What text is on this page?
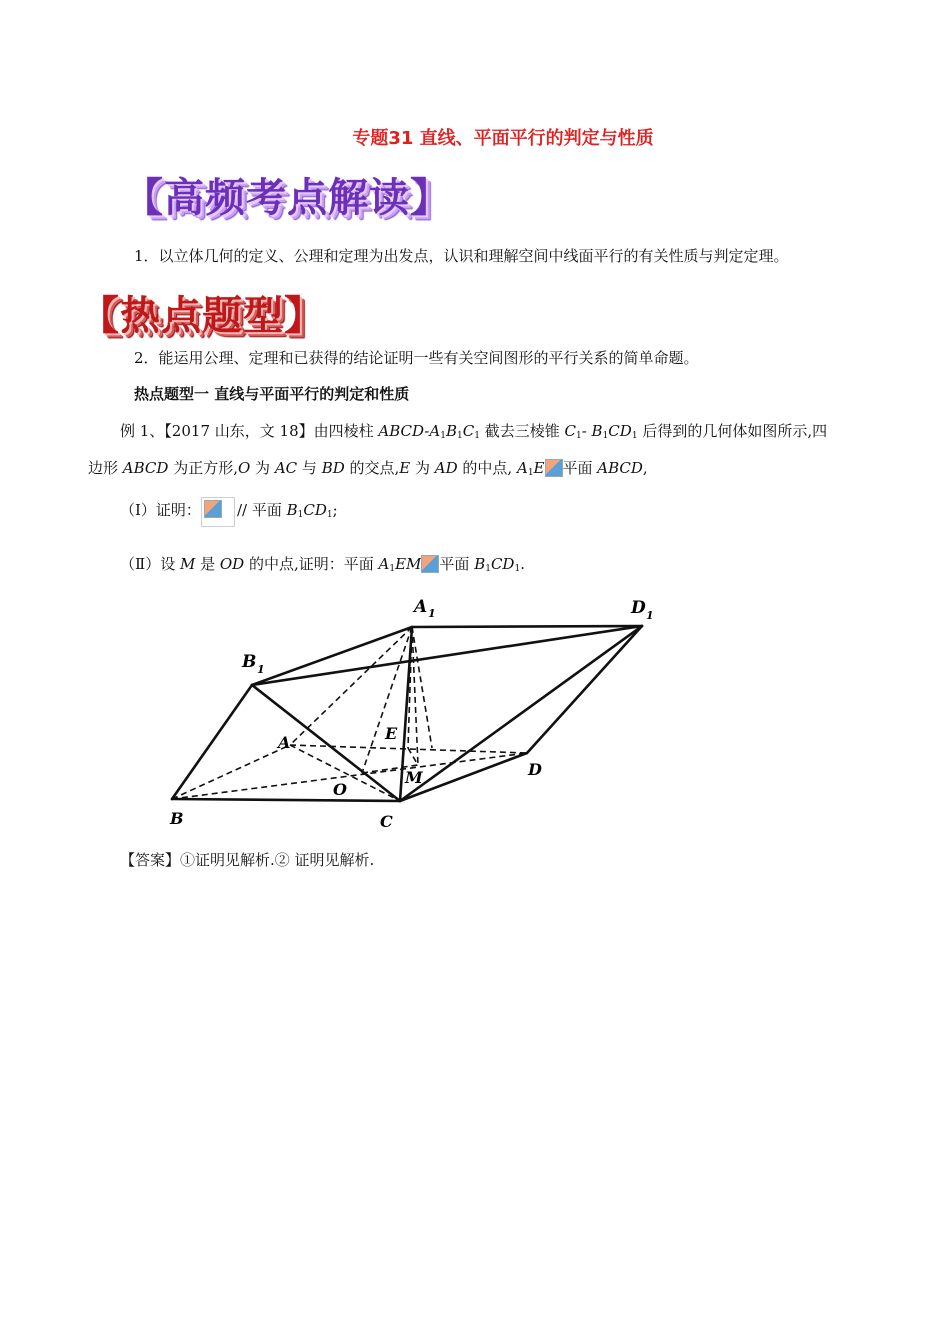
专题31 直线、平面平行的判定与性质
【高频考点解读】
1．以立体几何的定义、公理和定理为出发点，认识和理解空间中线面平行的有关性质与判定定理。
【热点题型】
2．能运用公理、定理和已获得的结论证明一些有关空间图形的平行关系的简单命题。
热点题型一 直线与平面平行的判定和性质
例 1、【2017 山东，文 18】由四棱柱 ABCD-$A_1B_1C_1$ 截去三棱锥 $C_1-$ $B_1CD_1$ 后得到的几何体如图所示,四
边形 ABCD 为正方形,O 为 AC 与 BD 的交点,E 为 AD 的中点, $A_1E$ 平面 ABCD,
（Ⅰ）证明： // 平面 $B_1CD_1$;
（Ⅱ）设 M 是 OD 的中点,证明：平面 $A_1EM$ 平面 $B_1CD_1$.
A 1	D 1
B 1
A	E
D
O
M
B	C
【答案】①证明见解析.② 证明见解析.
